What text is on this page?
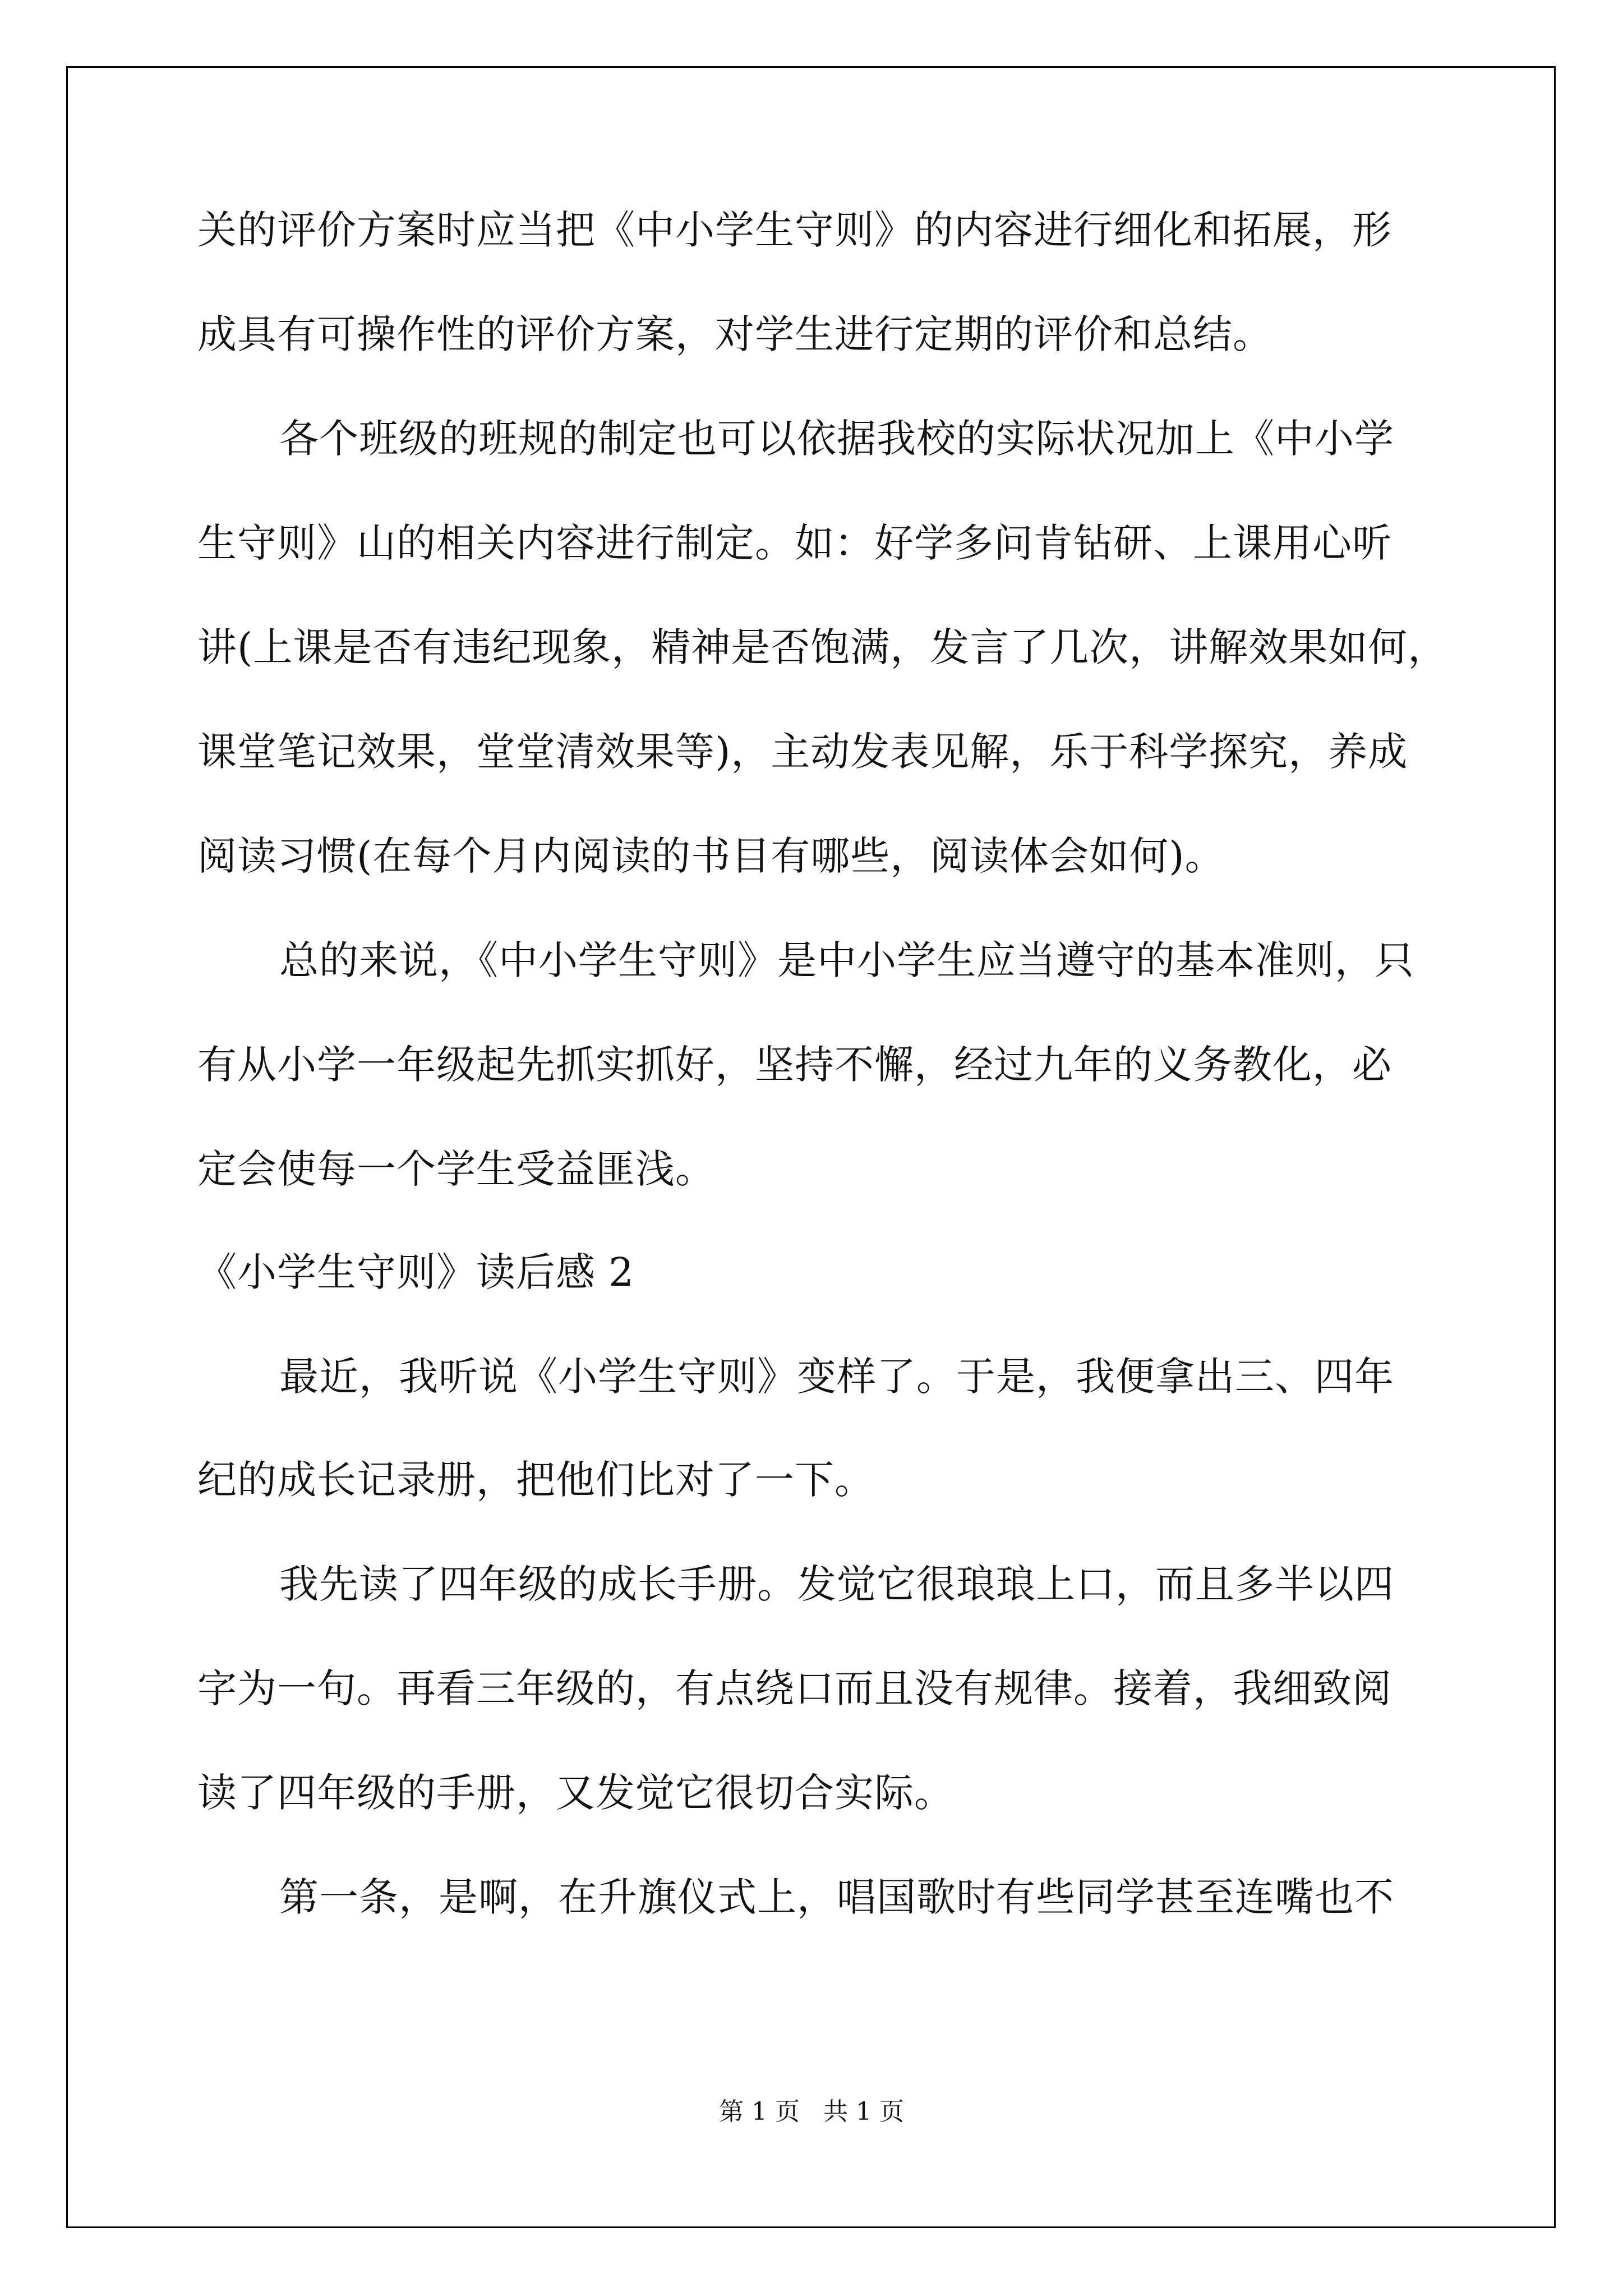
关的评价方案时应当把《中小学生守则》的内容进行细化和拓展，形
成具有可操作性的评价方案，对学生进行定期的评价和总结。
各个班级的班规的制定也可以依据我校的实际状况加上《中小学
生守则》山的相关内容进行制定。如：好学多问肯钻研、上课用心听
讲(上课是否有违纪现象，精神是否饱满，发言了几次，讲解效果如何，
课堂笔记效果，堂堂清效果等)，主动发表见解，乐于科学探究，养成
阅读习惯(在每个月内阅读的书目有哪些，阅读体会如何)。
总的来说，《中小学生守则》是中小学生应当遵守的基本准则，只
有从小学一年级起先抓实抓好，坚持不懈，经过九年的义务教化，必
定会使每一个学生受益匪浅。
《小学生守则》读后感 2
最近，我听说《小学生守则》变样了。于是，我便拿出三、四年
纪的成长记录册，把他们比对了一下。
我先读了四年级的成长手册。发觉它很琅琅上口，而且多半以四
字为一句。再看三年级的，有点绕口而且没有规律。接着，我细致阅
读了四年级的手册，又发觉它很切合实际。
第一条，是啊，在升旗仪式上，唱国歌时有些同学甚至连嘴也不
第 1 页 共 1 页
